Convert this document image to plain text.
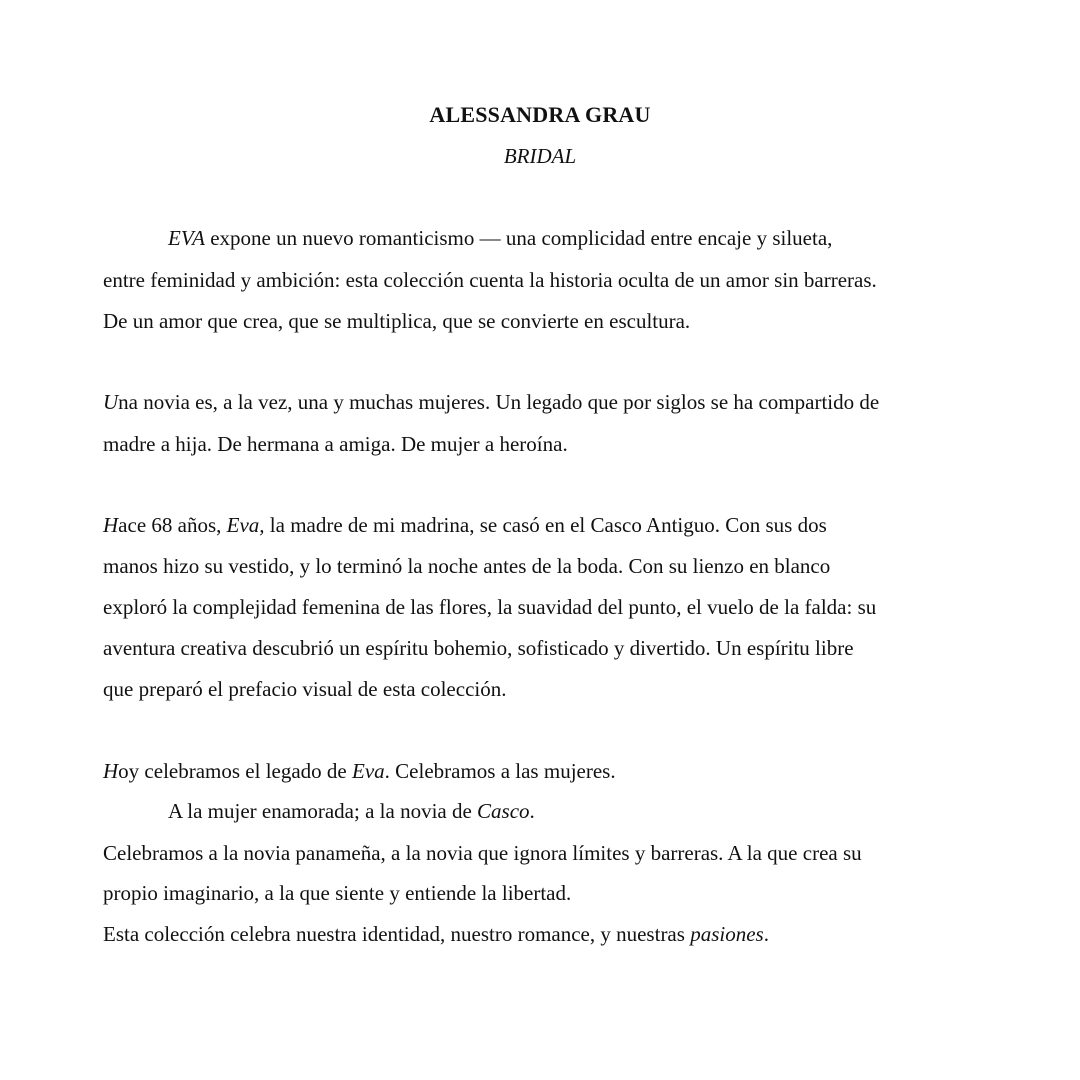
ALESSANDRA GRAU
BRIDAL
EVA expone un nuevo romanticismo — una complicidad entre encaje y silueta,
entre feminidad y ambición: esta colección cuenta la historia oculta de un amor sin barreras.
De un amor que crea, que se multiplica, que se convierte en escultura.
Una novia es, a la vez, una y muchas mujeres. Un legado que por siglos se ha compartido de
madre a hija. De hermana a amiga. De mujer a heroína.
Hace 68 años, Eva, la madre de mi madrina, se casó en el Casco Antiguo. Con sus dos
manos hizo su vestido, y lo terminó la noche antes de la boda. Con su lienzo en blanco
exploró la complejidad femenina de las flores, la suavidad del punto, el vuelo de la falda: su
aventura creativa descubrió un espíritu bohemio, sofisticado y divertido. Un espíritu libre
que preparó el prefacio visual de esta colección.
Hoy celebramos el legado de Eva. Celebramos a las mujeres.
A la mujer enamorada; a la novia de Casco.
Celebramos a la novia panameña, a la novia que ignora límites y barreras. A la que crea su
propio imaginario, a la que siente y entiende la libertad.
Esta colección celebra nuestra identidad, nuestro romance, y nuestras pasiones.
